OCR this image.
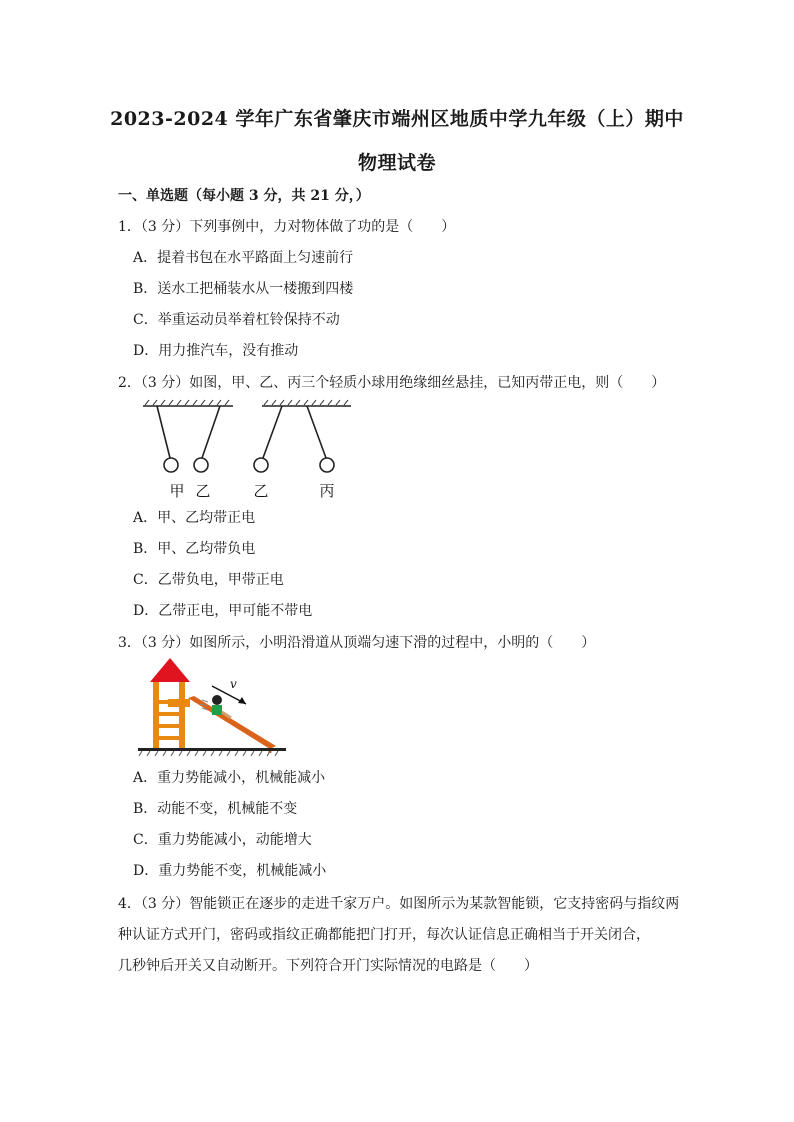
2023-2024 学年广东省肇庆市端州区地质中学九年级（上）期中
物理试卷
一、单选题（每小题 3 分，共 21 分，）
1．（3 分）下列事例中，力对物体做了功的是（　　）
A．提着书包在水平路面上匀速前行
B．送水工把桶装水从一楼搬到四楼
C．举重运动员举着杠铃保持不动
D．用力推汽车，没有推动
2．（3 分）如图，甲、乙、丙三个轻质小球用绝缘细丝悬挂，已知丙带正电，则（　　）
甲 乙	乙	丙
A．甲、乙均带正电
B．甲、乙均带负电
C．乙带负电，甲带正电
D．乙带正电，甲可能不带电
3．（3 分）如图所示，小明沿滑道从顶端匀速下滑的过程中，小明的（　　）
v
A．重力势能减小，机械能减小
B．动能不变，机械能不变
C．重力势能减小，动能增大
D．重力势能不变，机械能减小
4．（3 分）智能锁正在逐步的走进千家万户。如图所示为某款智能锁，它支持密码与指纹两
种认证方式开门，密码或指纹正确都能把门打开，每次认证信息正确相当于开关闭合，
几秒钟后开关又自动断开。下列符合开门实际情况的电路是（　　）
